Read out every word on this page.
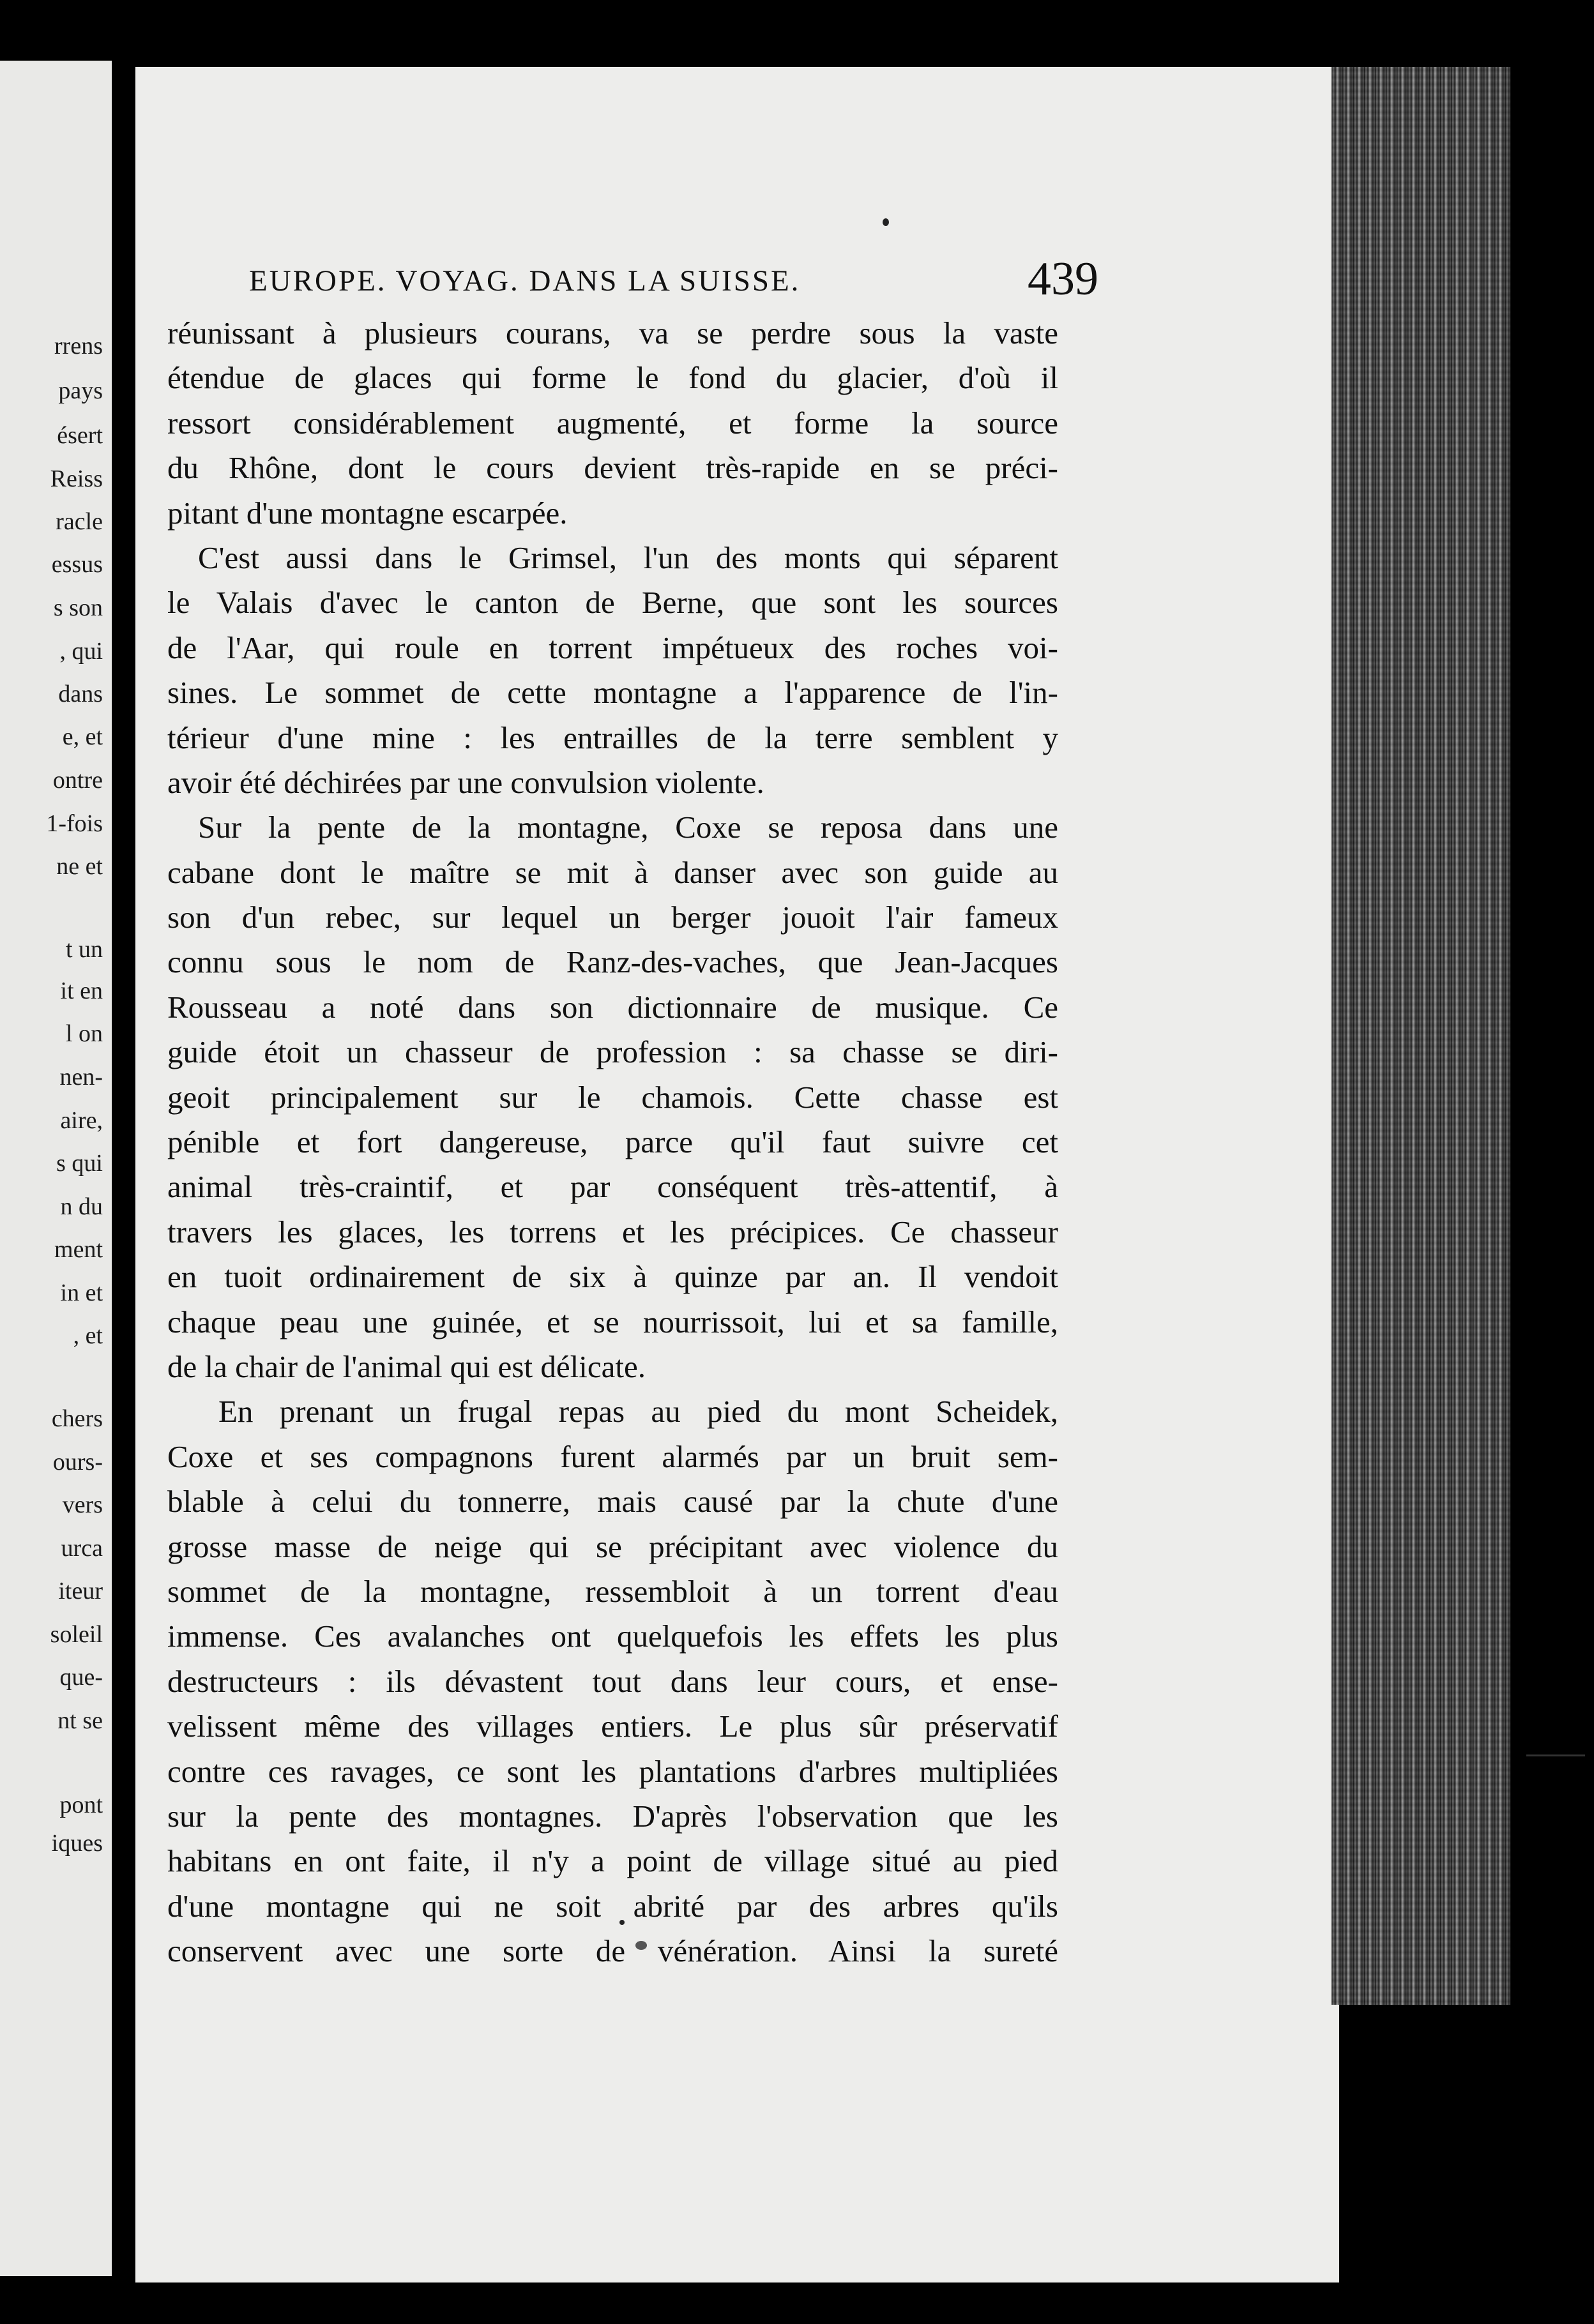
rrens
pays
ésert
Reiss
racle
essus
s son
, qui
dans
e, et
ontre
1-fois
ne et
t un
it en
l on
nen-
aire,
s qui
n du
ment
in et
, et
chers
ours-
vers
urca
iteur
soleil
que-
nt se
pont
iques
EUROPE. VOYAG. DANS LA SUISSE.	439
réunissant à plusieurs courans, va se perdre sous la vaste
étendue de glaces qui forme le fond du glacier, d'où il
ressort considérablement augmenté, et forme la source
du Rhône, dont le cours devient très-rapide en se préci-
pitant d'une montagne escarpée.
C'est aussi dans le Grimsel, l'un des monts qui séparent
le Valais d'avec le canton de Berne, que sont les sources
de l'Aar, qui roule en torrent impétueux des roches voi-
sines. Le sommet de cette montagne a l'apparence de l'in-
térieur d'une mine : les entrailles de la terre semblent y
avoir été déchirées par une convulsion violente.
Sur la pente de la montagne, Coxe se reposa dans une
cabane dont le maître se mit à danser avec son guide au
son d'un rebec, sur lequel un berger jouoit l'air fameux
connu sous le nom de Ranz-des-vaches, que Jean-Jacques
Rousseau a noté dans son dictionnaire de musique. Ce
guide étoit un chasseur de profession : sa chasse se diri-
geoit principalement sur le chamois. Cette chasse est
pénible et fort dangereuse, parce qu'il faut suivre cet
animal très-craintif, et par conséquent très-attentif, à
travers les glaces, les torrens et les précipices. Ce chasseur
en tuoit ordinairement de six à quinze par an. Il vendoit
chaque peau une guinée, et se nourrissoit, lui et sa famille,
de la chair de l'animal qui est délicate.
En prenant un frugal repas au pied du mont Scheidek,
Coxe et ses compagnons furent alarmés par un bruit sem-
blable à celui du tonnerre, mais causé par la chute d'une
grosse masse de neige qui se précipitant avec violence du
sommet de la montagne, ressembloit à un torrent d'eau
immense. Ces avalanches ont quelquefois les effets les plus
destructeurs : ils dévastent tout dans leur cours, et ense-
velissent même des villages entiers. Le plus sûr préservatif
contre ces ravages, ce sont les plantations d'arbres multipliées
sur la pente des montagnes. D'après l'observation que les
habitans en ont faite, il n'y a point de village situé au pied
d'une montagne qui ne soit abrité par des arbres qu'ils
conservent avec une sorte de vénération. Ainsi la sureté
